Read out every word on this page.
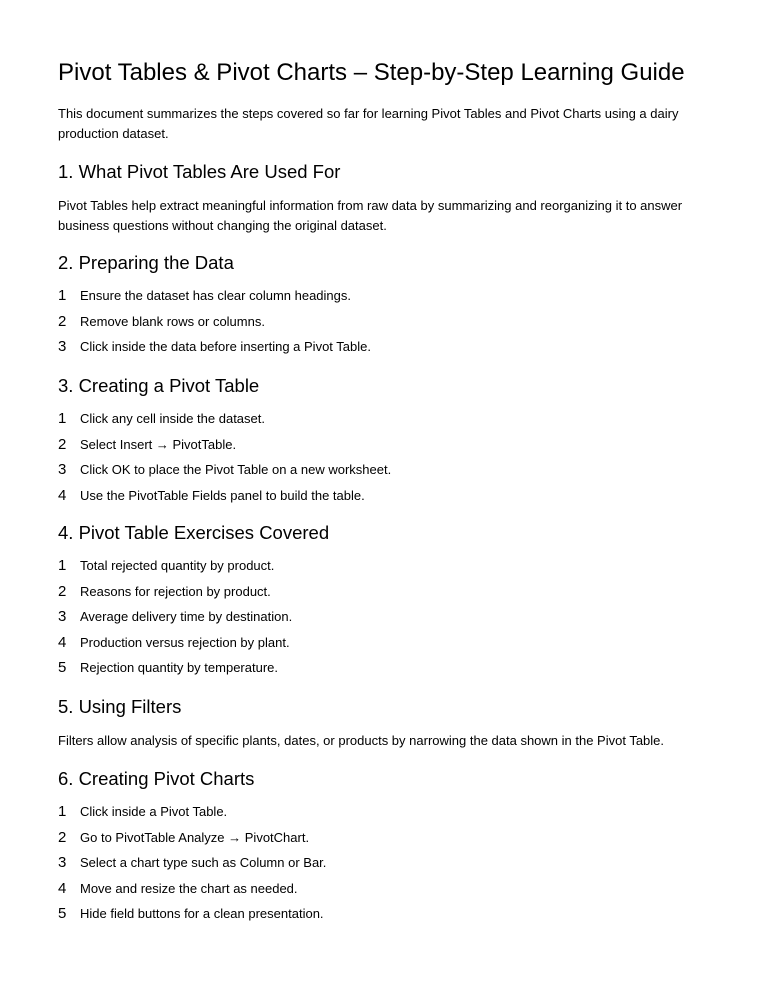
Pivot Tables & Pivot Charts – Step-by-Step Learning Guide

This document summarizes the steps covered so far for learning Pivot Tables and Pivot Charts using a dairy production dataset.

1. What Pivot Tables Are Used For

Pivot Tables help extract meaningful information from raw data by summarizing and reorganizing it to answer business questions without changing the original dataset.

2. Preparing the Data
1	Ensure the dataset has clear column headings.
2	Remove blank rows or columns.
3	Click inside the data before inserting a Pivot Table.
3. Creating a Pivot Table
1	Click any cell inside the dataset.
2	Select Insert → PivotTable.
3	Click OK to place the Pivot Table on a new worksheet.
4	Use the PivotTable Fields panel to build the table.
4. Pivot Table Exercises Covered
1	Total rejected quantity by product.
2	Reasons for rejection by product.
3	Average delivery time by destination.
4	Production versus rejection by plant.
5	Rejection quantity by temperature.
5. Using Filters

Filters allow analysis of specific plants, dates, or products by narrowing the data shown in the Pivot Table.

6. Creating Pivot Charts
1	Click inside a Pivot Table.
2	Go to PivotTable Analyze → PivotChart.
3	Select a chart type such as Column or Bar.
4	Move and resize the chart as needed.
5	Hide field buttons for a clean presentation.
